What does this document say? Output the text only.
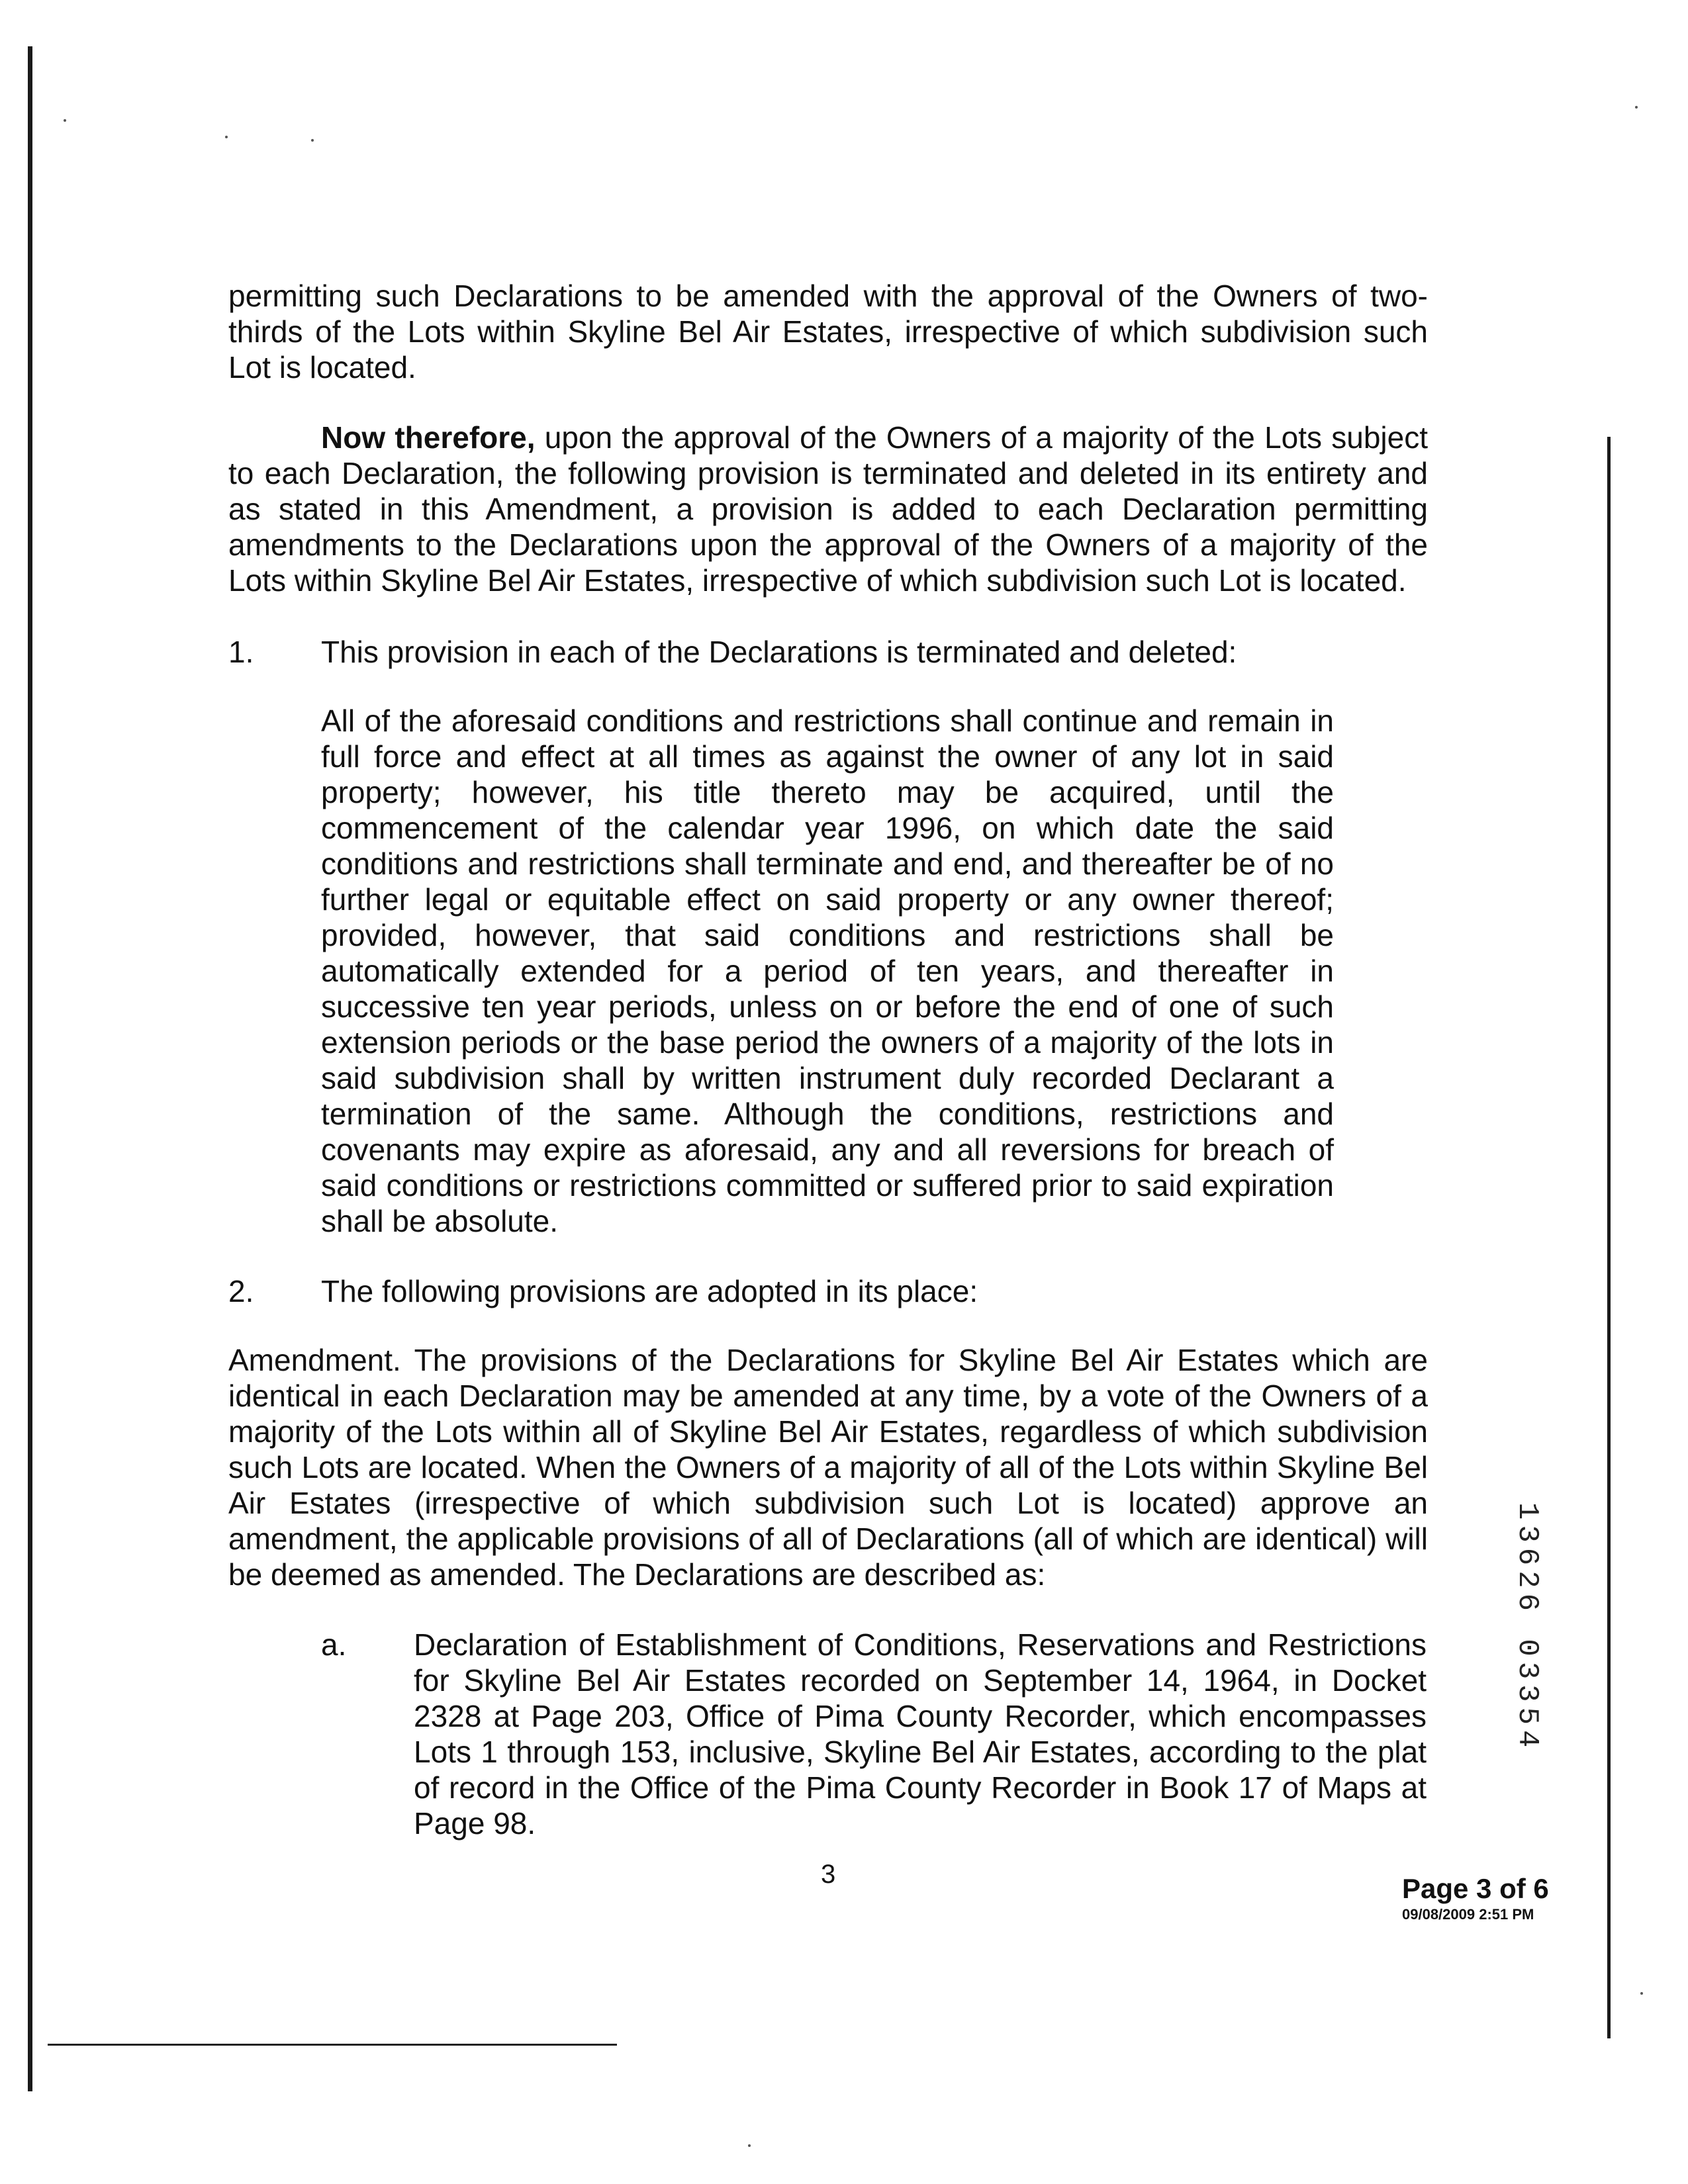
permitting such Declarations to be amended with the approval of the Owners of two-thirds of the Lots within Skyline Bel Air Estates, irrespective of which subdivision such Lot is located.

Now therefore, upon the approval of the Owners of a majority of the Lots subject to each Declaration, the following provision is terminated and deleted in its entirety and as stated in this Amendment, a provision is added to each Declaration permitting amendments to the Declarations upon the approval of the Owners of a majority of the Lots within Skyline Bel Air Estates, irrespective of which subdivision such Lot is located.

1.	This provision in each of the Declarations is terminated and deleted:

All of the aforesaid conditions and restrictions shall continue and remain in full force and effect at all times as against the owner of any lot in said property; however, his title thereto may be acquired, until the commencement of the calendar year 1996, on which date the said conditions and restrictions shall terminate and end, and thereafter be of no further legal or equitable effect on said property or any owner thereof; provided, however, that said conditions and restrictions shall be automatically extended for a period of ten years, and thereafter in successive ten year periods, unless on or before the end of one of such extension periods or the base period the owners of a majority of the lots in said subdivision shall by written instrument duly recorded Declarant a termination of the same. Although the conditions, restrictions and covenants may expire as aforesaid, any and all reversions for breach of said conditions or restrictions committed or suffered prior to said expiration shall be absolute.

2.	The following provisions are adopted in its place:

Amendment. The provisions of the Declarations for Skyline Bel Air Estates which are identical in each Declaration may be amended at any time, by a vote of the Owners of a majority of the Lots within all of Skyline Bel Air Estates, regardless of which subdivision such Lots are located. When the Owners of a majority of all of the Lots within Skyline Bel Air Estates (irrespective of which subdivision such Lot is located) approve an amendment, the applicable provisions of all of Declarations (all of which are identical) will be deemed as amended. The Declarations are described as:

a.	Declaration of Establishment of Conditions, Reservations and Restrictions for Skyline Bel Air Estates recorded on September 14, 1964, in Docket 2328 at Page 203, Office of Pima County Recorder, which encompasses Lots 1 through 153, inclusive, Skyline Bel Air Estates, according to the plat of record in the Office of the Pima County Recorder in Book 17 of Maps at Page 98.

3	Page 3 of 6
09/08/2009 2:51 PM
13626 03354
